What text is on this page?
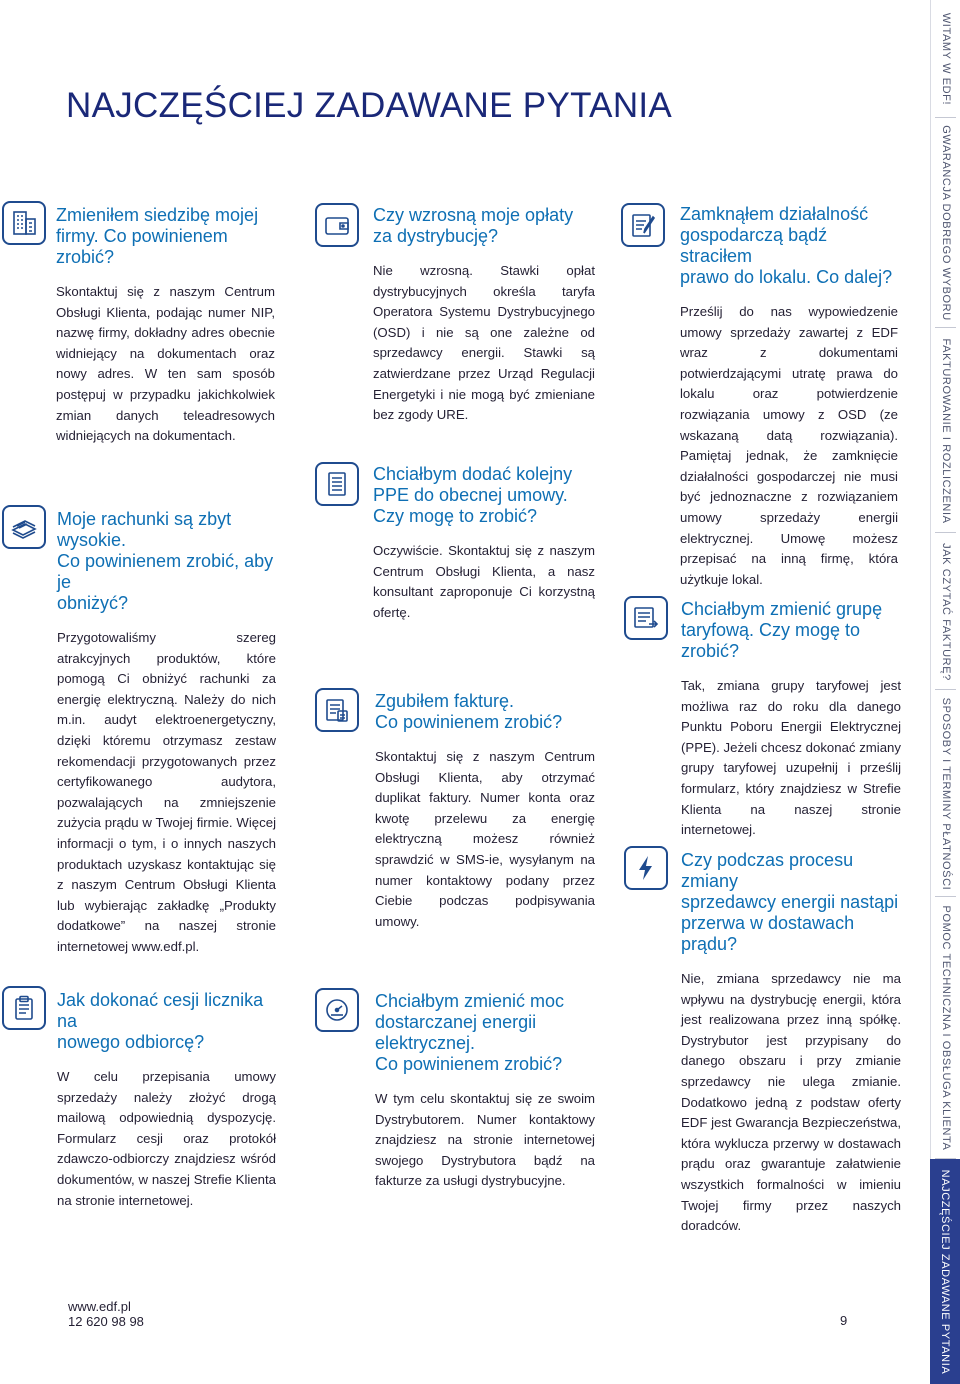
NAJCZĘŚCIEJ ZADAWANE PYTANIA
Zmieniłem siedzibę mojej
firmy. Co powinienem zrobić?

Skontaktuj się z naszym Centrum Obsługi Klienta, podając numer NIP, nazwę firmy, dokładny adres obecnie widniejący na dokumentach oraz nowy adres. W ten sam sposób postępuj w przypadku jakichkolwiek zmian danych teleadresowych widniejących na dokumentach.

Moje rachunki są zbyt wysokie.
Co powinienem zrobić, aby je
obniżyć?

Przygotowaliśmy szereg atrakcyjnych produktów, które pomogą Ci obniżyć rachunki za energię elektryczną. Należy do nich m.in. audyt elektroenergetyczny, dzięki któremu otrzymasz zestaw rekomendacji przygotowanych przez certyfikowanego audytora, pozwalających na zmniejszenie zużycia prądu w Twojej firmie. Więcej informacji o tym, i o innych naszych produktach uzyskasz kontaktując się z naszym Centrum Obsługi Klienta lub wybierając zakładkę „Produkty dodatkowe” na naszej stronie internetowej www.edf.pl.

Jak dokonać cesji licznika na
nowego odbiorcę?

W celu przepisania umowy sprzedaży należy złożyć drogą mailową odpowiednią dyspozycję. Formularz cesji oraz protokół zdawczo-odbiorczy znajdziesz wśród dokumentów, w naszej Strefie Klienta na stronie internetowej.

Czy wzrosną moje opłaty
za dystrybucję?

Nie wzrosną. Stawki opłat dystrybucyjnych określa taryfa Operatora Systemu Dystrybucyjnego (OSD) i nie są one zależne od sprzedawcy energii. Stawki są zatwierdzane przez Urząd Regulacji Energetyki i nie mogą być zmieniane bez zgody URE.

Chciałbym dodać kolejny
PPE do obecnej umowy.
Czy mogę to zrobić?

Oczywiście. Skontaktuj się z naszym Centrum Obsługi Klienta, a nasz konsultant zaproponuje Ci korzystną ofertę.

Zgubiłem fakturę.
Co powinienem zrobić?

Skontaktuj się z naszym Centrum Obsługi Klienta, aby otrzymać duplikat faktury. Numer konta oraz kwotę przelewu za energię elektryczną możesz również sprawdzić w SMS-ie, wysyłanym na numer kontaktowy podany przez Ciebie podczas podpisywania umowy.

Chciałbym zmienić moc
dostarczanej energii
elektrycznej.
Co powinienem zrobić?

W tym celu skontaktuj się ze swoim Dystrybutorem. Numer kontaktowy znajdziesz na stronie internetowej swojego Dystrybutora bądź na fakturze za usługi dystrybucyjne.

Zamknąłem działalność
gospodarczą bądź straciłem
prawo do lokalu. Co dalej?

Prześlij do nas wypowiedzenie umowy sprzedaży zawartej z EDF wraz z dokumentami potwierdzającymi utratę prawa do lokalu oraz potwierdzenie rozwiązania umowy z OSD (ze wskazaną datą rozwiązania). Pamiętaj jednak, że zamknięcie działalności gospodarczej nie musi być jednoznaczne z rozwiązaniem umowy sprzedaży energii elektrycznej. Umowę możesz przepisać na inną firmę, która użytkuje lokal.

Chciałbym zmienić grupę
taryfową. Czy mogę to zrobić?

Tak, zmiana grupy taryfowej jest możliwa raz do roku dla danego Punktu Poboru Energii Elektrycznej (PPE). Jeżeli chcesz dokonać zmiany grupy taryfowej uzupełnij i prześlij formularz, który znajdziesz w Strefie Klienta na naszej stronie internetowej.

Czy podczas procesu zmiany
sprzedawcy energii nastąpi
przerwa w dostawach prądu?

Nie, zmiana sprzedawcy nie ma wpływu na dystrybucję energii, która jest realizowana przez inną spółkę. Dystrybutor jest przypisany do danego obszaru i przy zmianie sprzedawcy nie ulega zmianie. Dodatkowo jedną z podstaw oferty EDF jest Gwarancja Bezpieczeństwa, która wyklucza przerwy w dostawach prądu oraz gwarantuje załatwienie wszystkich formalności w imieniu Twojej firmy przez naszych doradców.

www.edf.pl
12 620 98 98	9
WITAMY W EDF!
GWARANCJA DOBREGO WYBORU
FAKTUROWANIE I ROZLICZENIA
JAK CZYTAĆ FAKTURĘ?
SPOSOBY I TERMINY PŁATNOŚCI
POMOC TECHNICZNA I OBSŁUGA KLIENTA
NAJCZĘŚCIEJ ZADAWANE PYTANIA
